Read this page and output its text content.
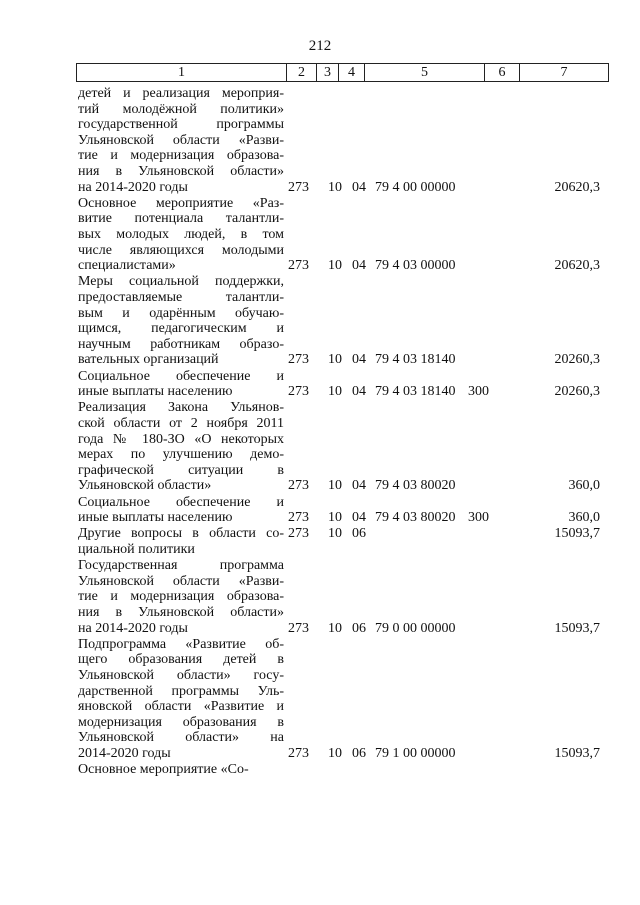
212
1	2	3	4	5	6	7
детей и реализация мероприя-
тий молодёжной политики»
государственной программы
Ульяновской области «Разви-
тие и модернизация образова-
ния в Ульяновской области»
на 2014-2020 годы	273 10 04 79 4 00 00000	20620,3
Основное мероприятие «Раз-
витие потенциала талантли-
вых молодых людей, в том
числе являющихся молодыми
специалистами»	273 10 04 79 4 03 00000	20620,3
Меры социальной поддержки,
предоставляемые талантли-
вым и одарённым обучаю-
щимся, педагогическим и
научным работникам образо-
вательных организаций	273 10 04 79 4 03 18140	20260,3
Социальное обеспечение и
иные выплаты населению	273 10 04 79 4 03 18140 300	20260,3
Реализация Закона Ульянов-
ской области от 2 ноября 2011
года № 180-ЗО «О некоторых
мерах по улучшению демо-
графической ситуации в
Ульяновской области»	273 10 04 79 4 03 80020	360,0
Социальное обеспечение и
иные выплаты населению	273 10 04 79 4 03 80020 300	360,0
Другие вопросы в области со-
циальной политики
273 10 06	15093,7
Государственная программа
Ульяновской области «Разви-
тие и модернизация образова-
ния в Ульяновской области»
на 2014-2020 годы	273 10 06 79 0 00 00000	15093,7
Подпрограмма «Развитие об-
щего образования детей в
Ульяновской области» госу-
дарственной программы Уль-
яновской области «Развитие и
модернизация образования в
Ульяновской области» на
2014-2020 годы	273 10 06 79 1 00 00000	15093,7
Основное мероприятие «Со-
